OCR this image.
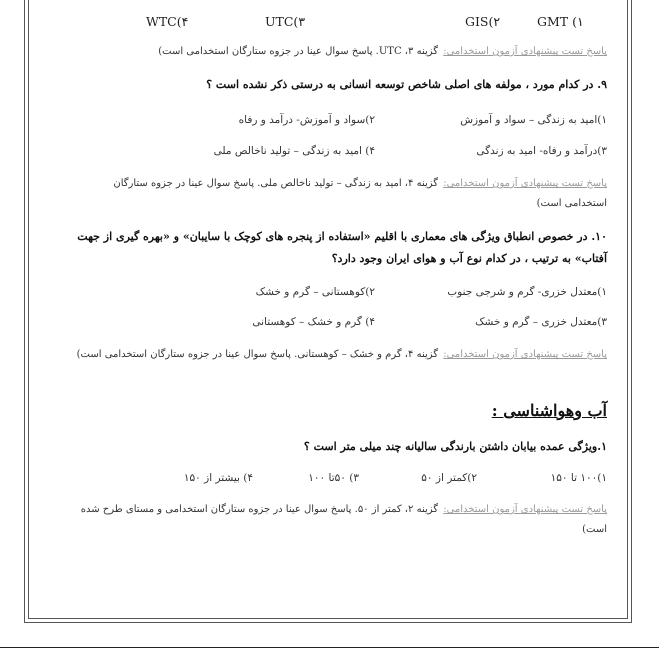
GMT (۱
GIS(۲
UTC(۳
WTC(۴
پاسخ تست پیشنهادی آزمون استخدامی: گزینه ۳، UTC. پاسخ سوال عینا در جزوه ستارگان استخدامی است)
۹. در کدام مورد ، مولفه های اصلی شاخص توسعه انسانی به درستی ذکر نشده است ؟
۱)امید به زندگی – سواد و آموزش
۲)سواد و آموزش- درآمد و رفاه
۳)درآمد و رفاه- امید به زندگی
۴) امید به زندگی – تولید ناخالص ملی
پاسخ تست پیشنهادی آزمون استخدامی: گزینه ۴، امید به زندگی – تولید ناخالص ملی. پاسخ سوال عینا در جزوه ستارگان استخدامی است)
۱۰. در خصوص انطباق ویژگی های معماری با اقلیم «استفاده از پنجره های کوچک با سایبان» و «بهره گیری از جهت آفتاب» به ترتیب ، در کدام نوع آب و هوای ایران وجود دارد؟
۱)معتدل خزری- گرم و شرجی جنوب
۲)کوهستانی – گرم و خشک
۳)معتدل خزری – گرم و خشک
۴) گرم و خشک – کوهستانی
پاسخ تست پیشنهادی آزمون استخدامی: گزینه ۴، گرم و خشک – کوهستانی. پاسخ سوال عینا در جزوه ستارگان استخدامی است)
آب وهواشناسی :
۱.ویژگی عمده بیابان داشتن بارندگی سالیانه چند میلی متر است ؟
۱)۱۰۰ تا ۱۵۰
۲)کمتر از ۵۰
۳) ۵۰تا ۱۰۰
۴) بیشتر از ۱۵۰
پاسخ تست پیشنهادی آزمون استخدامی: گزینه ۲، کمتر از ۵۰. پاسخ سوال عینا در جزوه ستارگان استخدامی و مستای طرح شده است)
